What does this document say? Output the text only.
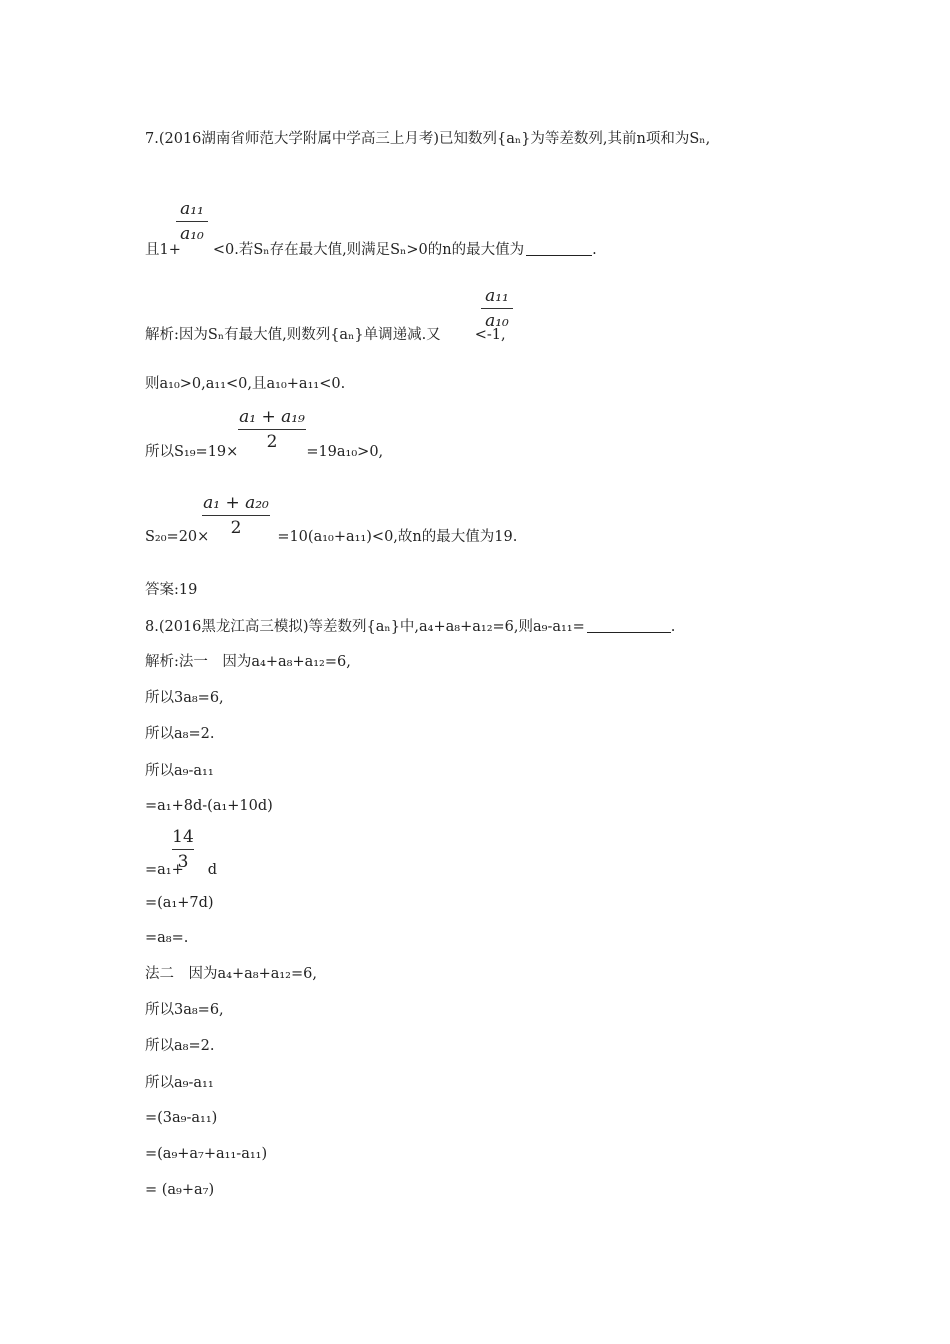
7.(2016湖南省师范大学附属中学高三上月考)已知数列{aₙ}为等差数列,其前n项和为Sₙ,
a₁₁
a₁₀
且1+ <0.若Sₙ存在最大值,则满足Sₙ>0的n的最大值为	.
a₁₁
a₁₀
解析:因为Sₙ有最大值,则数列{aₙ}单调递减.又 <-1,
则a₁₀>0,a₁₁<0,且a₁₀+a₁₁<0.
a₁ + a₁₉
2
所以S₁₉=19×	=19a₁₀>0,
a₁ + a₂₀
2
S₂₀=20×	=10(a₁₀+a₁₁)<0,故n的最大值为19.
答案:19
8.(2016黑龙江高三模拟)等差数列{aₙ}中,a₄+a₈+a₁₂=6,则a₉-a₁₁=	.
解析:法一　因为a₄+a₈+a₁₂=6,
所以3a₈=6,
所以a₈=2.
所以a₉-a₁₁
=a₁+8d-(a₁+10d)
14
3
=a₁+ d
=(a₁+7d)
=a₈=.
法二　因为a₄+a₈+a₁₂=6,
所以3a₈=6,
所以a₈=2.
所以a₉-a₁₁
=(3a₉-a₁₁)
=(a₉+a₇+a₁₁-a₁₁)
= (a₉+a₇)
